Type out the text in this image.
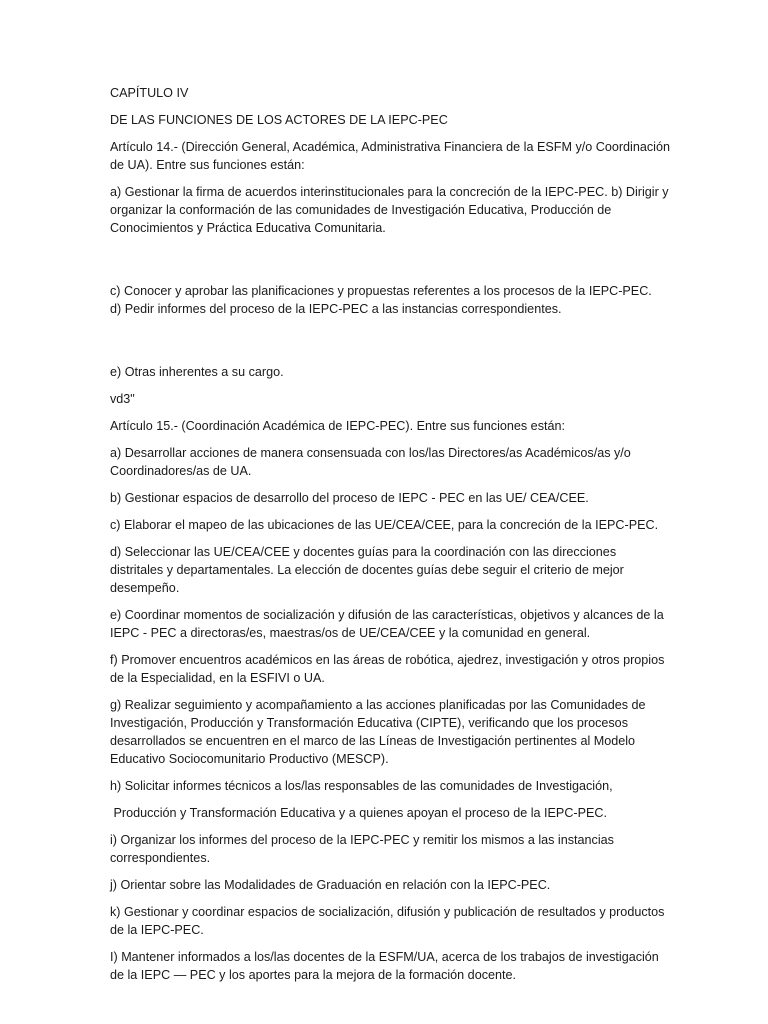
CAPÍTULO IV

DE LAS FUNCIONES DE LOS ACTORES DE LA IEPC-PEC

Artículo 14.- (Dirección General, Académica, Administrativa Financiera de la ESFM y/o Coordinación de UA). Entre sus funciones están:

a) Gestionar la firma de acuerdos interinstitucionales para la concreción de la IEPC-PEC. b) Dirigir y organizar la conformación de las comunidades de Investigación Educativa, Producción de Conocimientos y Práctica Educativa Comunitaria.

c) Conocer y aprobar las planificaciones y propuestas referentes a los procesos de la IEPC-PEC.
d) Pedir informes del proceso de la IEPC-PEC a las instancias correspondientes.

e) Otras inherentes a su cargo.

vd3"

Artículo 15.- (Coordinación Académica de IEPC-PEC). Entre sus funciones están:

a) Desarrollar acciones de manera consensuada con los/las Directores/as Académicos/as y/o Coordinadores/as de UA.

b) Gestionar espacios de desarrollo del proceso de IEPC - PEC en las UE/ CEA/CEE.

c) Elaborar el mapeo de las ubicaciones de las UE/CEA/CEE, para la concreción de la IEPC-PEC.

d) Seleccionar las UE/CEA/CEE y docentes guías para la coordinación con las direcciones distritales y departamentales. La elección de docentes guías debe seguir el criterio de mejor desempeño.

e) Coordinar momentos de socialización y difusión de las características, objetivos y alcances de la IEPC - PEC a directoras/es, maestras/os de UE/CEA/CEE y la comunidad en general.

f) Promover encuentros académicos en las áreas de robótica, ajedrez, investigación y otros propios de la Especialidad, en la ESFIVI o UA.

g) Realizar seguimiento y acompañamiento a las acciones planificadas por las Comunidades de Investigación, Producción y Transformación Educativa (CIPTE), verificando que los procesos desarrollados se encuentren en el marco de las Líneas de Investigación pertinentes al Modelo Educativo Sociocomunitario Productivo (MESCP).

h) Solicitar informes técnicos a los/las responsables de las comunidades de Investigación,

Producción y Transformación Educativa y a quienes apoyan el proceso de la IEPC-PEC.

i) Organizar los informes del proceso de la IEPC-PEC y remitir los mismos a las instancias correspondientes.

j) Orientar sobre las Modalidades de Graduación en relación con la IEPC-PEC.

k) Gestionar y coordinar espacios de socialización, difusión y publicación de resultados y productos de la IEPC-PEC.

I) Mantener informados a los/las docentes de la ESFM/UA, acerca de los trabajos de investigación de la IEPC — PEC y los aportes para la mejora de la formación docente.
